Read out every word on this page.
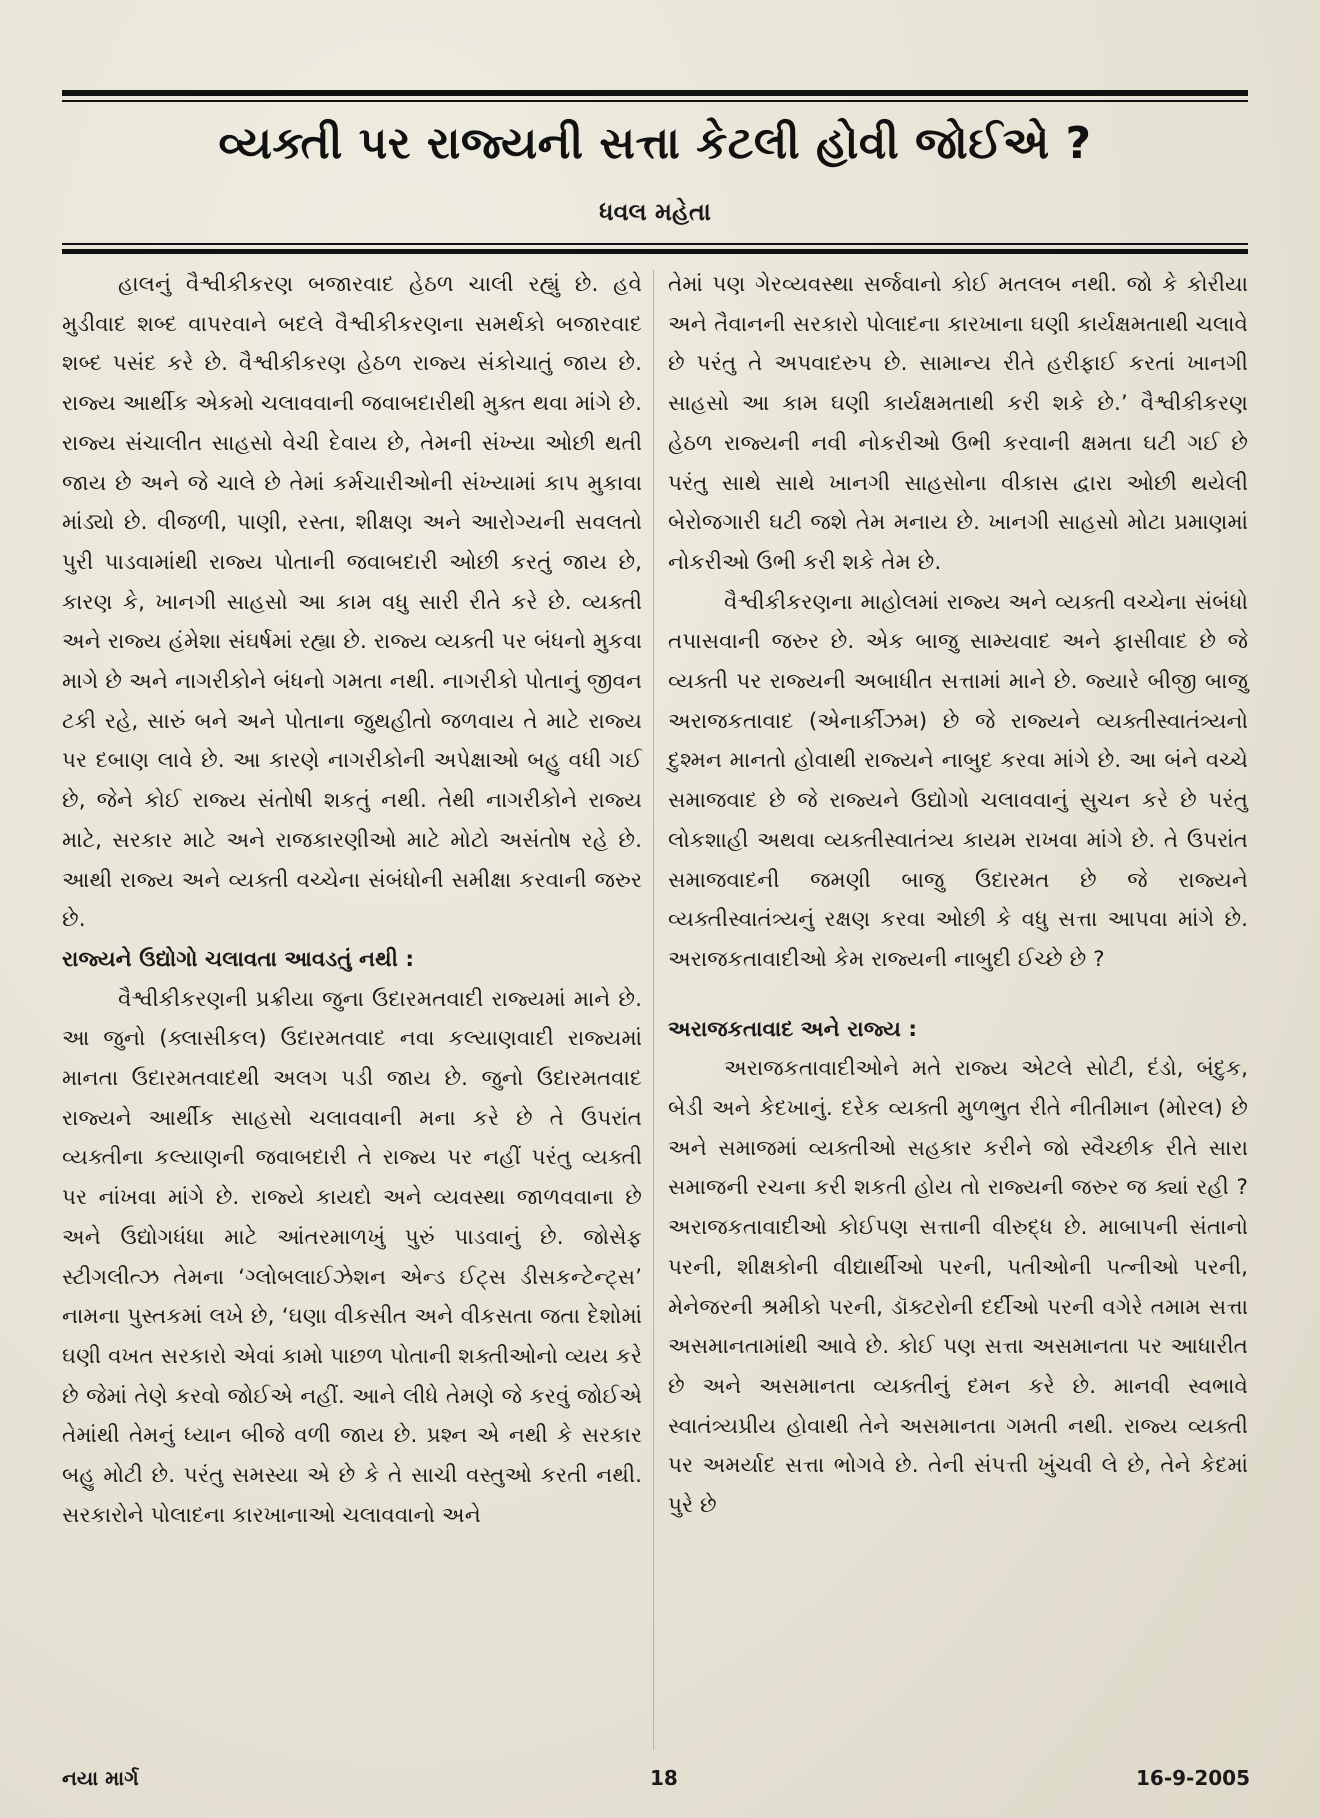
વ્યક્તી પર રાજ્યની સત્તા કેટલી હોવી જોઈએ ?
ધવલ મહેતા

હાલનું વૈશ્વીકીકરણ બજારવાદ હેઠળ ચાલી રહ્યું છે. હવે મુડીવાદ શબ્દ વાપરવાને બદલે વૈશ્વીકીકરણના સમર્થકો બજારવાદ શબ્દ પસંદ કરે છે. વૈશ્વીકીકરણ હેઠળ રાજ્ય સંકોચાતું જાય છે. રાજ્ય આર્થીક એકમો ચલાવવાની જવાબદારીથી મુક્ત થવા માંગે છે. રાજ્ય સંચાલીત સાહસો વેચી દેવાય છે, તેમની સંખ્યા ઓછી થતી જાય છે અને જે ચાલે છે તેમાં કર્મચારીઓની સંખ્યામાં કાપ મુકાવા માંડ્યો છે. વીજળી, પાણી, રસ્તા, શીક્ષણ અને આરોગ્યની સવલતો પુરી પાડવામાંથી રાજ્ય પોતાની જવાબદારી ઓછી કરતું જાય છે, કારણ કે, ખાનગી સાહસો આ કામ વધુ સારી રીતે કરે છે. વ્યક્તી અને રાજ્ય હંમેશા સંઘર્ષમાં રહ્યા છે. રાજ્ય વ્યક્તી પર બંધનો મુકવા માગે છે અને નાગરીકોને બંધનો ગમતા નથી. નાગરીકો પોતાનું જીવન ટકી રહે, સારું બને અને પોતાના જુથહીતો જળવાય તે માટે રાજ્ય પર દબાણ લાવે છે. આ કારણે નાગરીકોની અપેક્ષાઓ બહુ વધી ગઈ છે, જેને કોઈ રાજ્ય સંતોષી શકતું નથી. તેથી નાગરીકોને રાજ્ય માટે, સરકાર માટે અને રાજકારણીઓ માટે મોટો અસંતોષ રહે છે. આથી રાજ્ય અને વ્યક્તી વચ્ચેના સંબંધોની સમીક્ષા કરવાની જરુર છે.

રાજ્યને ઉદ્યોગો ચલાવતા આવડતું નથી :

વૈશ્વીકીકરણની પ્રક્રીયા જુના ઉદારમતવાદી રાજ્યમાં માને છે. આ જુનો (ક્લાસીકલ) ઉદારમતવાદ નવા કલ્યાણવાદી રાજ્યમાં માનતા ઉદારમતવાદથી અલગ પડી જાય છે. જુનો ઉદારમતવાદ રાજ્યને આર્થીક સાહસો ચલાવવાની મના કરે છે તે ઉપરાંત વ્યક્તીના કલ્યાણની જવાબદારી તે રાજ્ય પર નહીં પરંતુ વ્યક્તી પર નાંખવા માંગે છે. રાજ્યે કાયદો અને વ્યવસ્થા જાળવવાના છે અને ઉદ્યોગધંધા માટે આંતરમાળખું પુરું પાડવાનું છે. જોસેફ સ્ટીગલીત્ઝ તેમના ‘ગ્લોબલાઈઝેશન એન્ડ ઈટ્સ ડીસકન્ટેન્ટ્સ’ નામના પુસ્તકમાં લખે છે, ‘ઘણા વીકસીત અને વીકસતા જતા દેશોમાં ઘણી વખત સરકારો એવાં કામો પાછળ પોતાની શક્તીઓનો વ્યય કરે છે જેમાં તેણે કરવો જોઈએ નહીં. આને લીધે તેમણે જે કરવું જોઈએ તેમાંથી તેમનું ધ્યાન બીજે વળી જાય છે. પ્રશ્ન એ નથી કે સરકાર બહુ મોટી છે. પરંતુ સમસ્યા એ છે કે તે સાચી વસ્તુઓ કરતી નથી. સરકારોને પોલાદના કારખાનાઓ ચલાવવાનો અને

તેમાં પણ ગેરવ્યવસ્થા સર્જવાનો કોઈ મતલબ નથી. જો કે કોરીયા અને તૈવાનની સરકારો પોલાદના કારખાના ઘણી કાર્યક્ષમતાથી ચલાવે છે પરંતુ તે અપવાદરુપ છે. સામાન્ય રીતે હરીફાઈ કરતાં ખાનગી સાહસો આ કામ ઘણી કાર્યક્ષમતાથી કરી શકે છે.’ વૈશ્વીકીકરણ હેઠળ રાજ્યની નવી નોકરીઓ ઉભી કરવાની ક્ષમતા ઘટી ગઈ છે પરંતુ સાથે સાથે ખાનગી સાહસોના વીકાસ દ્વારા ઓછી થયેલી બેરોજગારી ઘટી જશે તેમ મનાય છે. ખાનગી સાહસો મોટા પ્રમાણમાં નોકરીઓ ઉભી કરી શકે તેમ છે.

વૈશ્વીકીકરણના માહોલમાં રાજ્ય અને વ્યક્તી વચ્ચેના સંબંધો તપાસવાની જરુર છે. એક બાજુ સામ્યવાદ અને ફાસીવાદ છે જે વ્યક્તી પર રાજ્યની અબાધીત સત્તામાં માને છે. જ્યારે બીજી બાજુ અરાજકતાવાદ (એનાર્કીઝમ) છે જે રાજ્યને વ્યક્તીસ્વાતંત્ર્યનો દુશ્મન માનતો હોવાથી રાજ્યને નાબુદ કરવા માંગે છે. આ બંને વચ્ચે સમાજવાદ છે જે રાજ્યને ઉદ્યોગો ચલાવવાનું સુચન કરે છે પરંતુ લોકશાહી અથવા વ્યક્તીસ્વાતંત્ર્ય કાયમ રાખવા માંગે છે. તે ઉપરાંત સમાજવાદની જમણી બાજુ ઉદારમત છે જે રાજ્યને વ્યક્તીસ્વાતંત્ર્યનું રક્ષણ કરવા ઓછી કે વધુ સત્તા આપવા માંગે છે. અરાજકતાવાદીઓ કેમ રાજ્યની નાબુદી ઈચ્છે છે ?

અરાજકતાવાદ અને રાજ્ય :

અરાજકતાવાદીઓને મતે રાજ્ય એટલે સોટી, દંડો, બંદુક, બેડી અને કેદખાનું. દરેક વ્યક્તી મુળભુત રીતે નીતીમાન (મોરલ) છે અને સમાજમાં વ્યક્તીઓ સહકાર કરીને જો સ્વૈચ્છીક રીતે સારા સમાજની રચના કરી શકતી હોય તો રાજ્યની જરુર જ ક્યાં રહી ? અરાજકતાવાદીઓ કોઈપણ સત્તાની વીરુદ્ધ છે. માબાપની સંતાનો પરની, શીક્ષકોની વીદ્યાર્થીઓ પરની, પતીઓની પત્નીઓ પરની, મેનેજરની શ્રમીકો પરની, ડૉક્ટરોની દર્દીઓ પરની વગેરે તમામ સત્તા અસમાનતામાંથી આવે છે. કોઈ પણ સત્તા અસમાનતા પર આધારીત છે અને અસમાનતા વ્યક્તીનું દમન કરે છે. માનવી સ્વભાવે સ્વાતંત્ર્યપ્રીય હોવાથી તેને અસમાનતા ગમતી નથી. રાજ્ય વ્યક્તી પર અમર્યાદ સત્તા ભોગવે છે. તેની સંપત્તી ખુંચવી લે છે, તેને કેદમાં પુરે છે

નયા માર્ગ	18	16-9-2005
